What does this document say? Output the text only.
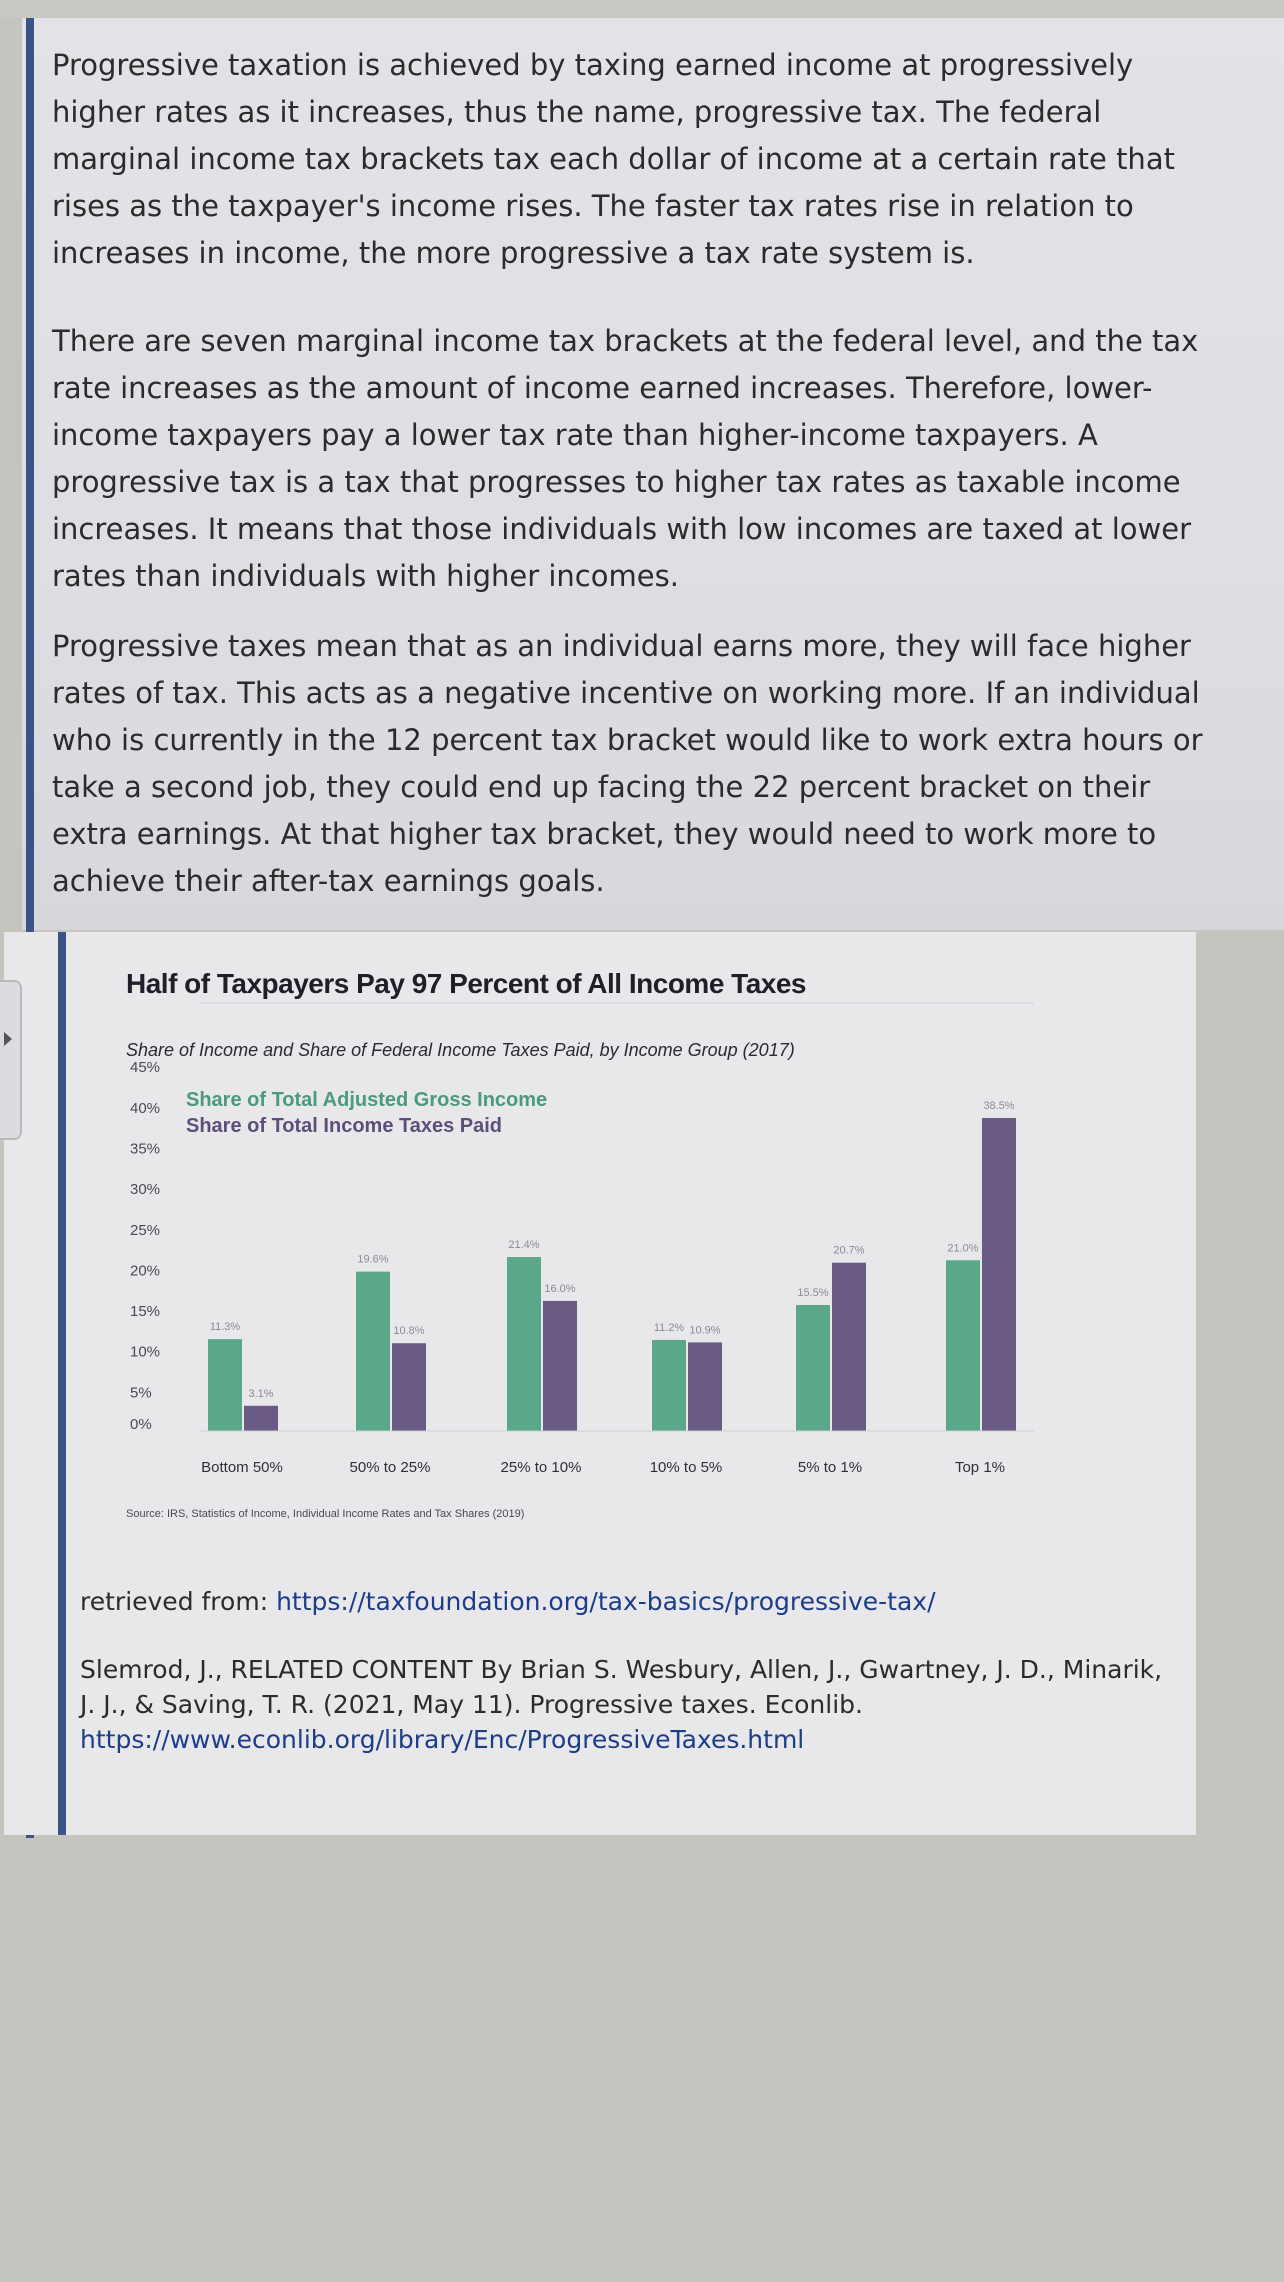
Progressive taxation is achieved by taxing earned income at progressively higher rates as it increases, thus the name, progressive tax. The federal marginal income tax brackets tax each dollar of income at a certain rate that rises as the taxpayer's income rises. The faster tax rates rise in relation to increases in income, the more progressive a tax rate system is.

There are seven marginal income tax brackets at the federal level, and the tax rate increases as the amount of income earned increases. Therefore, lower-income taxpayers pay a lower tax rate than higher-income taxpayers. A progressive tax is a tax that progresses to higher tax rates as taxable income increases. It means that those individuals with low incomes are taxed at lower rates than individuals with higher incomes.

Progressive taxes mean that as an individual earns more, they will face higher rates of tax. This acts as a negative incentive on working more. If an individual who is currently in the 12 percent tax bracket would like to work extra hours or take a second job, they could end up facing the 22 percent bracket on their extra earnings. At that higher tax bracket, they would need to work more to achieve their after-tax earnings goals.

Half of Taxpayers Pay 97 Percent of All Income Taxes
Share of Income and Share of Federal Income Taxes Paid, by Income Group (2017)
0%
5%
10%
15%
20%
25%
30%
35%
40%
45%
11.3%
3.1%
19.6%
10.8%
21.4%
16.0%
11.2% 10.9%
15.5%
20.7%	21.0%
38.5%
Bottom 50%	50% to 25%	25% to 10%	10% to 5%	5% to 1%	Top 1%
Share of Total Adjusted Gross Income
Share of Total Income Taxes Paid
Source: IRS, Statistics of Income, Individual Income Rates and Tax Shares (2019)

retrieved from: https://taxfoundation.org/tax-basics/progressive-tax/

Slemrod, J., RELATED CONTENT By Brian S. Wesbury, Allen, J., Gwartney, J. D., Minarik, J. J., & Saving, T. R. (2021, May 11). Progressive taxes. Econlib. https://www.econlib.org/library/Enc/ProgressiveTaxes.html
